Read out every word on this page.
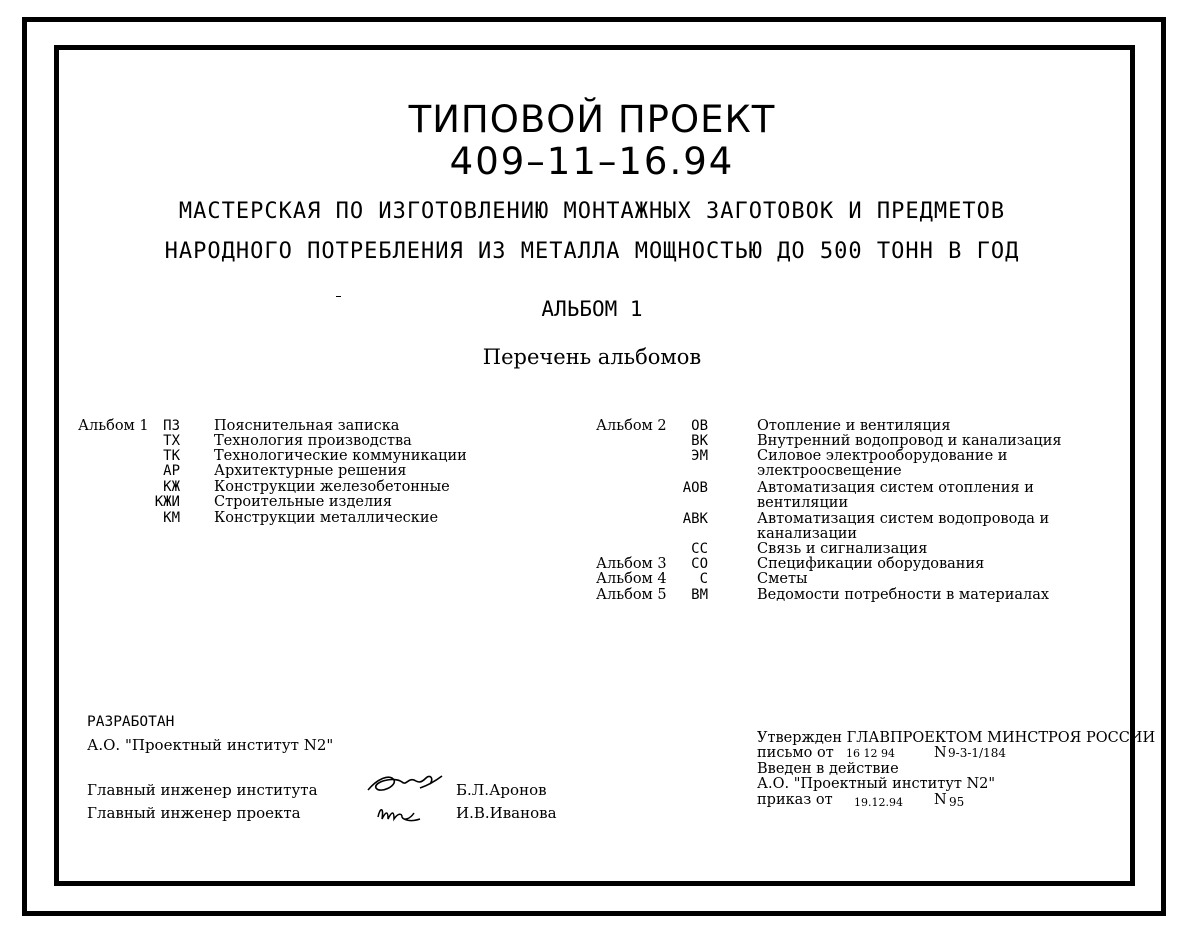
ТИПОВОЙ ПРОЕКТ
409–11–16.94
МАСТЕРСКАЯ ПО ИЗГОТОВЛЕНИЮ МОНТАЖНЫХ ЗАГОТОВОК И ПРЕДМЕТОВ
НАРОДНОГО ПОТРЕБЛЕНИЯ ИЗ МЕТАЛЛА МОЩНОСТЬЮ ДО 500 ТОНН В ГОД
АЛЬБОМ 1
Перечень альбомов
Альбом 1	ПЗ Пояснительная записка
ТХ Технология производства
ТК Технологические коммуникации
АР Архитектурные решения
КЖ Конструкции железобетонные
КЖИ Строительные изделия
КМ Конструкции металлические
Альбом 2	ОВ	Отопление и вентиляция
ВК	Внутренний водопровод и канализация
ЭМ	Силовое электрооборудование и
электроосвещение
АОВ	Автоматизация систем отопления и
вентиляции
АВК	Автоматизация систем водопровода и
канализации
СС	Связь и сигнализация
Альбом 3	СО	Спецификации оборудования
Альбом 4	С	Сметы
Альбом 5	ВМ	Ведомости потребности в материалах
РАЗРАБОТАН
А.О. "Проектный институт N2"
Главный инженер института	Б.Л.Аронов
Главный инженер проекта	И.В.Иванова
Утвержден ГЛАВПРОЕКТОМ МИНСТРОЯ РОССИИ
письмо от 16 12 94	N 9-3-1/184
Введен в действие
А.О. "Проектный институт N2"
приказ от 19.12.94 N 95
